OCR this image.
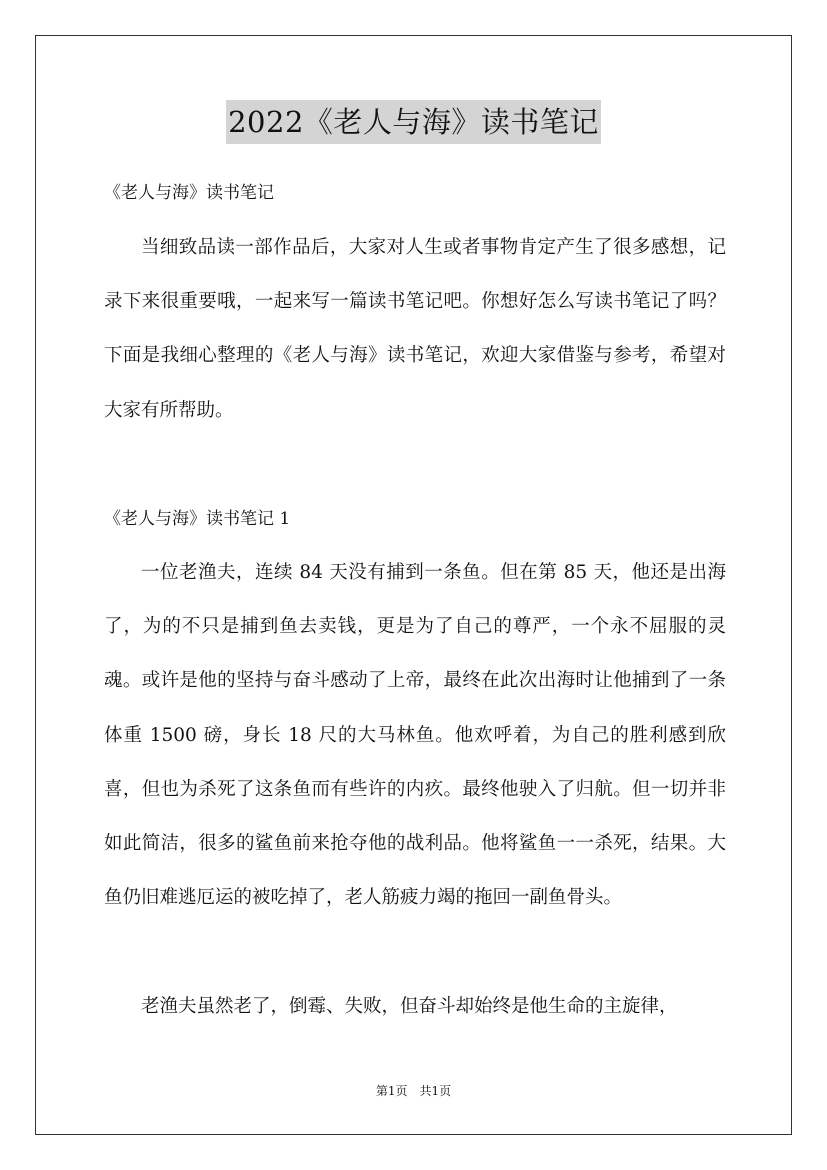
2022《老人与海》读书笔记
《老人与海》读书笔记

当细致品读一部作品后，大家对人生或者事物肯定产生了很多感想，记录下来很重要哦，一起来写一篇读书笔记吧。你想好怎么写读书笔记了吗？下面是我细心整理的《老人与海》读书笔记，欢迎大家借鉴与参考，希望对大家有所帮助。

《老人与海》读书笔记 1

一位老渔夫，连续 84 天没有捕到一条鱼。但在第 85 天，他还是出海了，为的不只是捕到鱼去卖钱，更是为了自己的尊严，一个永不屈服的灵魂。或许是他的坚持与奋斗感动了上帝，最终在此次出海时让他捕到了一条体重 1500 磅，身长 18 尺的大马林鱼。他欢呼着，为自己的胜利感到欣喜，但也为杀死了这条鱼而有些许的内疚。最终他驶入了归航。但一切并非如此简洁，很多的鲨鱼前来抢夺他的战利品。他将鲨鱼一一杀死，结果。大鱼仍旧难逃厄运的被吃掉了，老人筋疲力竭的拖回一副鱼骨头。

老渔夫虽然老了，倒霉、失败，但奋斗却始终是他生命的主旋律，

第1页　共1页
